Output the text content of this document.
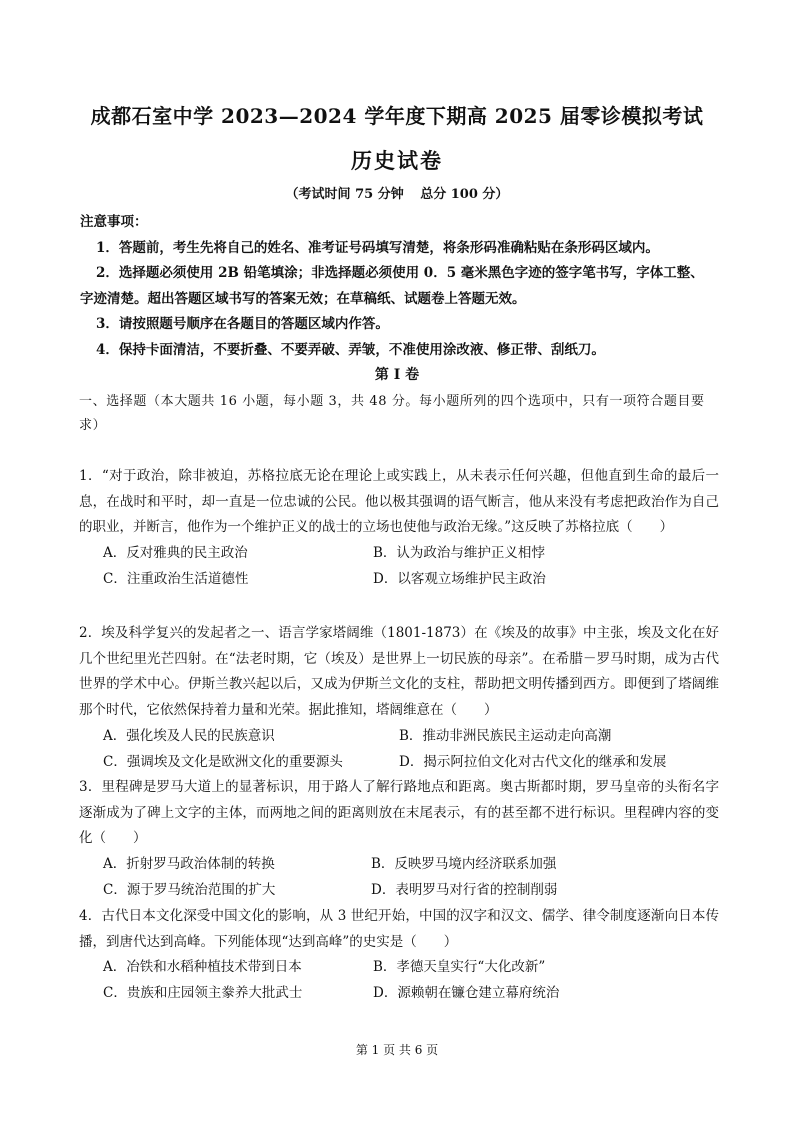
成都石室中学 2023—2024 学年度下期高 2025 届零诊模拟考试
历史试卷
（考试时间 75 分钟 总分 100 分）
注意事项：
1．答题前，考生先将自己的姓名、准考证号码填写清楚，将条形码准确粘贴在条形码区域内。
2．选择题必须使用 2B 铅笔填涂；非选择题必须使用 0．5 毫米黑色字迹的签字笔书写，字体工整、
字迹清楚。超出答题区域书写的答案无效；在草稿纸、试题卷上答题无效。
3．请按照题号顺序在各题目的答题区域内作答。
4．保持卡面清洁，不要折叠、不要弄破、弄皱，不准使用涂改液、修正带、刮纸刀。
第 I 卷
一、选择题（本大题共 16 小题，每小题 3，共 48 分。每小题所列的四个选项中，只有一项符合题目要求）
1．“对于政治，除非被迫，苏格拉底无论在理论上或实践上，从未表示任何兴趣，但他直到生命的最后一息，在战时和平时，却一直是一位忠诚的公民。他以极其强调的语气断言，他从来没有考虑把政治作为自己的职业，并断言，他作为一个维护正义的战士的立场也使他与政治无缘。”这反映了苏格拉底（　　）
A．反对雅典的民主政治	B．认为政治与维护正义相悖
C．注重政治生活道德性	D．以客观立场维护民主政治
2．埃及科学复兴的发起者之一、语言学家塔阔维（1801-1873）在《埃及的故事》中主张，埃及文化在好几个世纪里光芒四射。在“法老时期，它（埃及）是世界上一切民族的母亲”。在希腊－罗马时期，成为古代世界的学术中心。伊斯兰教兴起以后，又成为伊斯兰文化的支柱，帮助把文明传播到西方。即便到了塔阔维那个时代，它依然保持着力量和光荣。据此推知，塔阔维意在（　　）
A．强化埃及人民的民族意识	B．推动非洲民族民主运动走向高潮
C．强调埃及文化是欧洲文化的重要源头	D．揭示阿拉伯文化对古代文化的继承和发展
3．里程碑是罗马大道上的显著标识，用于路人了解行路地点和距离。奥古斯都时期，罗马皇帝的头衔名字逐渐成为了碑上文字的主体，而两地之间的距离则放在末尾表示，有的甚至都不进行标识。里程碑内容的变化（　　）
A．折射罗马政治体制的转换	B．反映罗马境内经济联系加强
C．源于罗马统治范围的扩大	D．表明罗马对行省的控制削弱
4．古代日本文化深受中国文化的影响，从 3 世纪开始，中国的汉字和汉文、儒学、律令制度逐渐向日本传播，到唐代达到高峰。下列能体现“达到高峰”的史实是（　　）
A．冶铁和水稻种植技术带到日本	B．孝德天皇实行“大化改新”
C．贵族和庄园领主豢养大批武士	D．源赖朝在镰仓建立幕府统治
第 1 页 共 6 页
